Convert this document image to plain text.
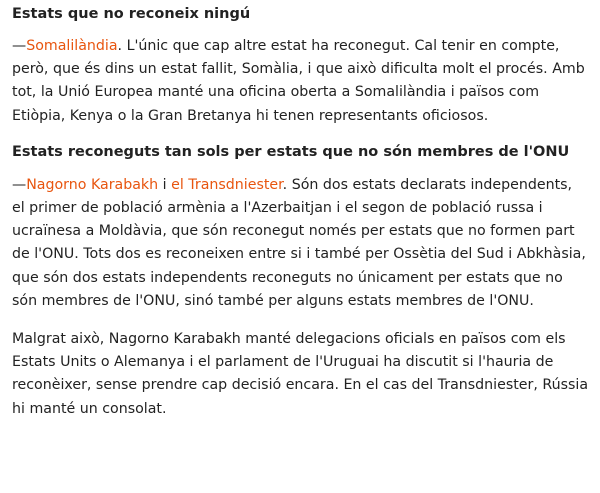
Estats que no reconeix ningú

—Somalilàndia. L'únic que cap altre estat ha reconegut. Cal tenir en compte, però, que és dins un estat fallit, Somàlia, i que això dificulta molt el procés. Amb tot, la Unió Europea manté una oficina oberta a Somalilàndia i països com Etiòpia, Kenya o la Gran Bretanya hi tenen representants oficiosos.

Estats reconeguts tan sols per estats que no són membres de l'ONU

—Nagorno Karabakh i el Transdniester. Són dos estats declarats independents, el primer de població armènia a l'Azerbaitjan i el segon de població russa i ucraïnesa a Moldàvia, que són reconegut només per estats que no formen part de l'ONU. Tots dos es reconeixen entre si i també per Ossètia del Sud i Abkhàsia, que són dos estats independents reconeguts no únicament per estats que no són membres de l'ONU, sinó també per alguns estats membres de l'ONU.

Malgrat això, Nagorno Karabakh manté delegacions oficials en països com els Estats Units o Alemanya i el parlament de l'Uruguai ha discutit si l'hauria de reconèixer, sense prendre cap decisió encara. En el cas del Transdniester, Rússia hi manté un consolat.
